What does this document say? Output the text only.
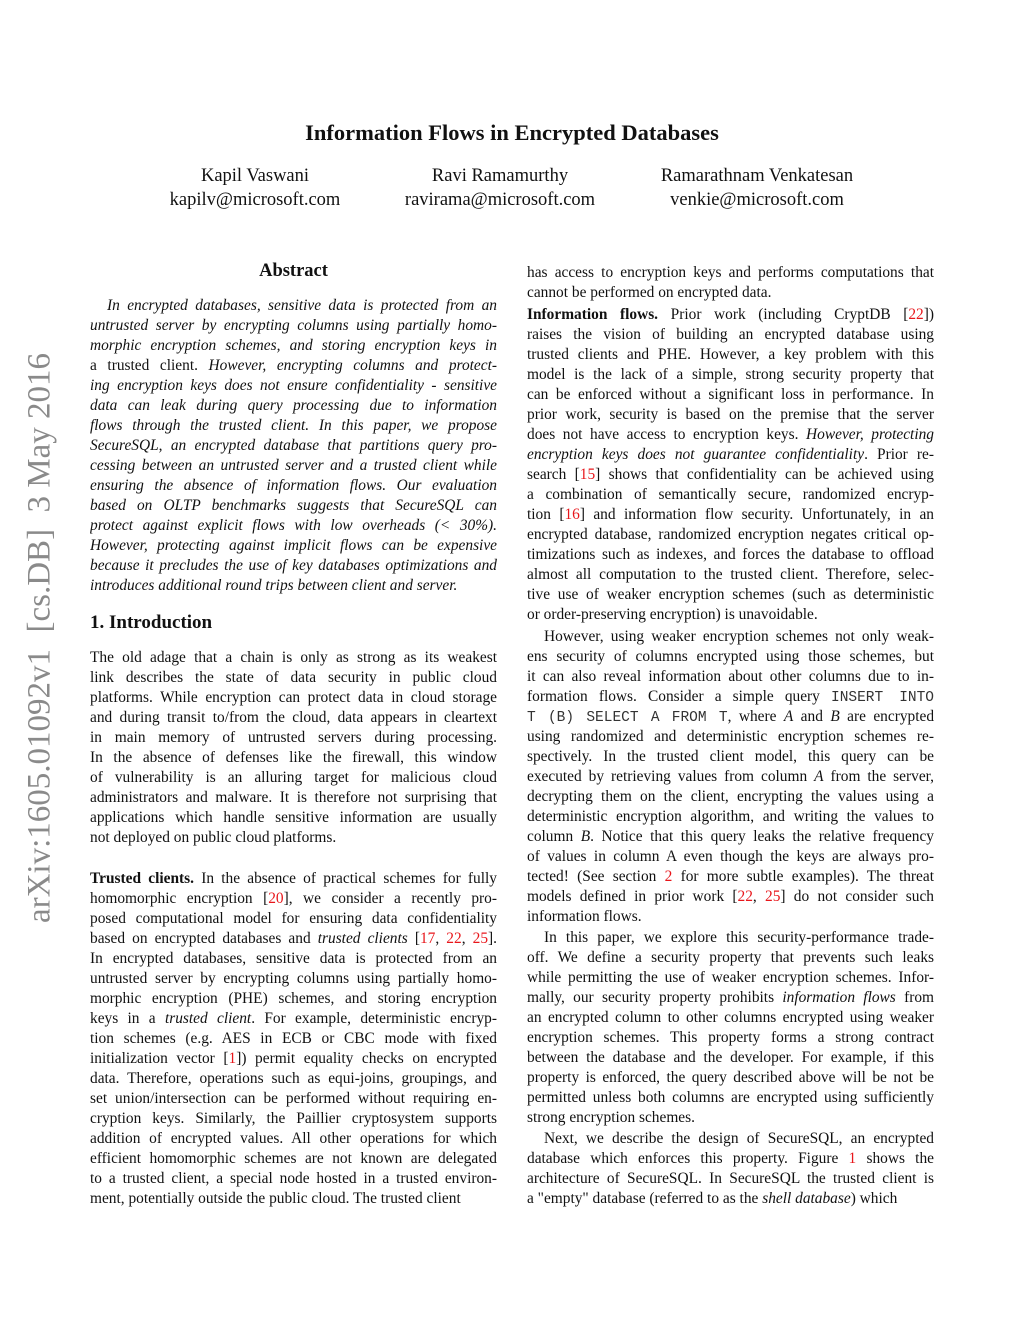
arXiv:1605.01092v1  [cs.DB]  3 May 2016
Information Flows in Encrypted Databases
Kapil Vaswani
kapilv@microsoft.com
Ravi Ramamurthy
ravirama@microsoft.com
Ramarathnam Venkatesan
venkie@microsoft.com
Abstract
In encrypted databases, sensitive data is protected from an
untrusted server by encrypting columns using partially homo-
morphic encryption schemes, and storing encryption keys in
a trusted client. However, encrypting columns and protect-
ing encryption keys does not ensure confidentiality - sensitive
data can leak during query processing due to information
flows through the trusted client. In this paper, we propose
SecureSQL, an encrypted database that partitions query pro-
cessing between an untrusted server and a trusted client while
ensuring the absence of information flows. Our evaluation
based on OLTP benchmarks suggests that SecureSQL can
protect against explicit flows with low overheads (< 30%).
However, protecting against implicit flows can be expensive
because it precludes the use of key databases optimizations and
introduces additional round trips between client and server.
1. Introduction
The old adage that a chain is only as strong as its weakest
link describes the state of data security in public cloud
platforms. While encryption can protect data in cloud storage
and during transit to/from the cloud, data appears in cleartext
in main memory of untrusted servers during processing.
In the absence of defenses like the firewall, this window
of vulnerability is an alluring target for malicious cloud
administrators and malware. It is therefore not surprising that
applications which handle sensitive information are usually
not deployed on public cloud platforms.
Trusted clients. In the absence of practical schemes for fully
homomorphic encryption [20], we consider a recently pro-
posed computational model for ensuring data confidentiality
based on encrypted databases and trusted clients [17, 22, 25].
In encrypted databases, sensitive data is protected from an
untrusted server by encrypting columns using partially homo-
morphic encryption (PHE) schemes, and storing encryption
keys in a trusted client. For example, deterministic encryp-
tion schemes (e.g. AES in ECB or CBC mode with fixed
initialization vector [1]) permit equality checks on encrypted
data. Therefore, operations such as equi-joins, groupings, and
set union/intersection can be performed without requiring en-
cryption keys. Similarly, the Paillier cryptosystem supports
addition of encrypted values. All other operations for which
efficient homomorphic schemes are not known are delegated
to a trusted client, a special node hosted in a trusted environ-
ment, potentially outside the public cloud. The trusted client
has access to encryption keys and performs computations that
cannot be performed on encrypted data.
Information flows. Prior work (including CryptDB [22])
raises the vision of building an encrypted database using
trusted clients and PHE. However, a key problem with this
model is the lack of a simple, strong security property that
can be enforced without a significant loss in performance. In
prior work, security is based on the premise that the server
does not have access to encryption keys. However, protecting
encryption keys does not guarantee confidentiality. Prior re-
search [15] shows that confidentiality can be achieved using
a combination of semantically secure, randomized encryp-
tion [16] and information flow security. Unfortunately, in an
encrypted database, randomized encryption negates critical op-
timizations such as indexes, and forces the database to offload
almost all computation to the trusted client. Therefore, selec-
tive use of weaker encryption schemes (such as deterministic
or order-preserving encryption) is unavoidable.
However, using weaker encryption schemes not only weak-
ens security of columns encrypted using those schemes, but
it can also reveal information about other columns due to in-
formation flows. Consider a simple query INSERT INTO
T (B) SELECT A FROM T, where A and B are encrypted
using randomized and deterministic encryption schemes re-
spectively. In the trusted client model, this query can be
executed by retrieving values from column A from the server,
decrypting them on the client, encrypting the values using a
deterministic encryption algorithm, and writing the values to
column B. Notice that this query leaks the relative frequency
of values in column A even though the keys are always pro-
tected! (See section 2 for more subtle examples). The threat
models defined in prior work [22, 25] do not consider such
information flows.
In this paper, we explore this security-performance trade-
off. We define a security property that prevents such leaks
while permitting the use of weaker encryption schemes. Infor-
mally, our security property prohibits information flows from
an encrypted column to other columns encrypted using weaker
encryption schemes. This property forms a strong contract
between the database and the developer. For example, if this
property is enforced, the query described above will be not be
permitted unless both columns are encrypted using sufficiently
strong encryption schemes.
Next, we describe the design of SecureSQL, an encrypted
database which enforces this property. Figure 1 shows the
architecture of SecureSQL. In SecureSQL the trusted client is
a "empty" database (referred to as the shell database) which
